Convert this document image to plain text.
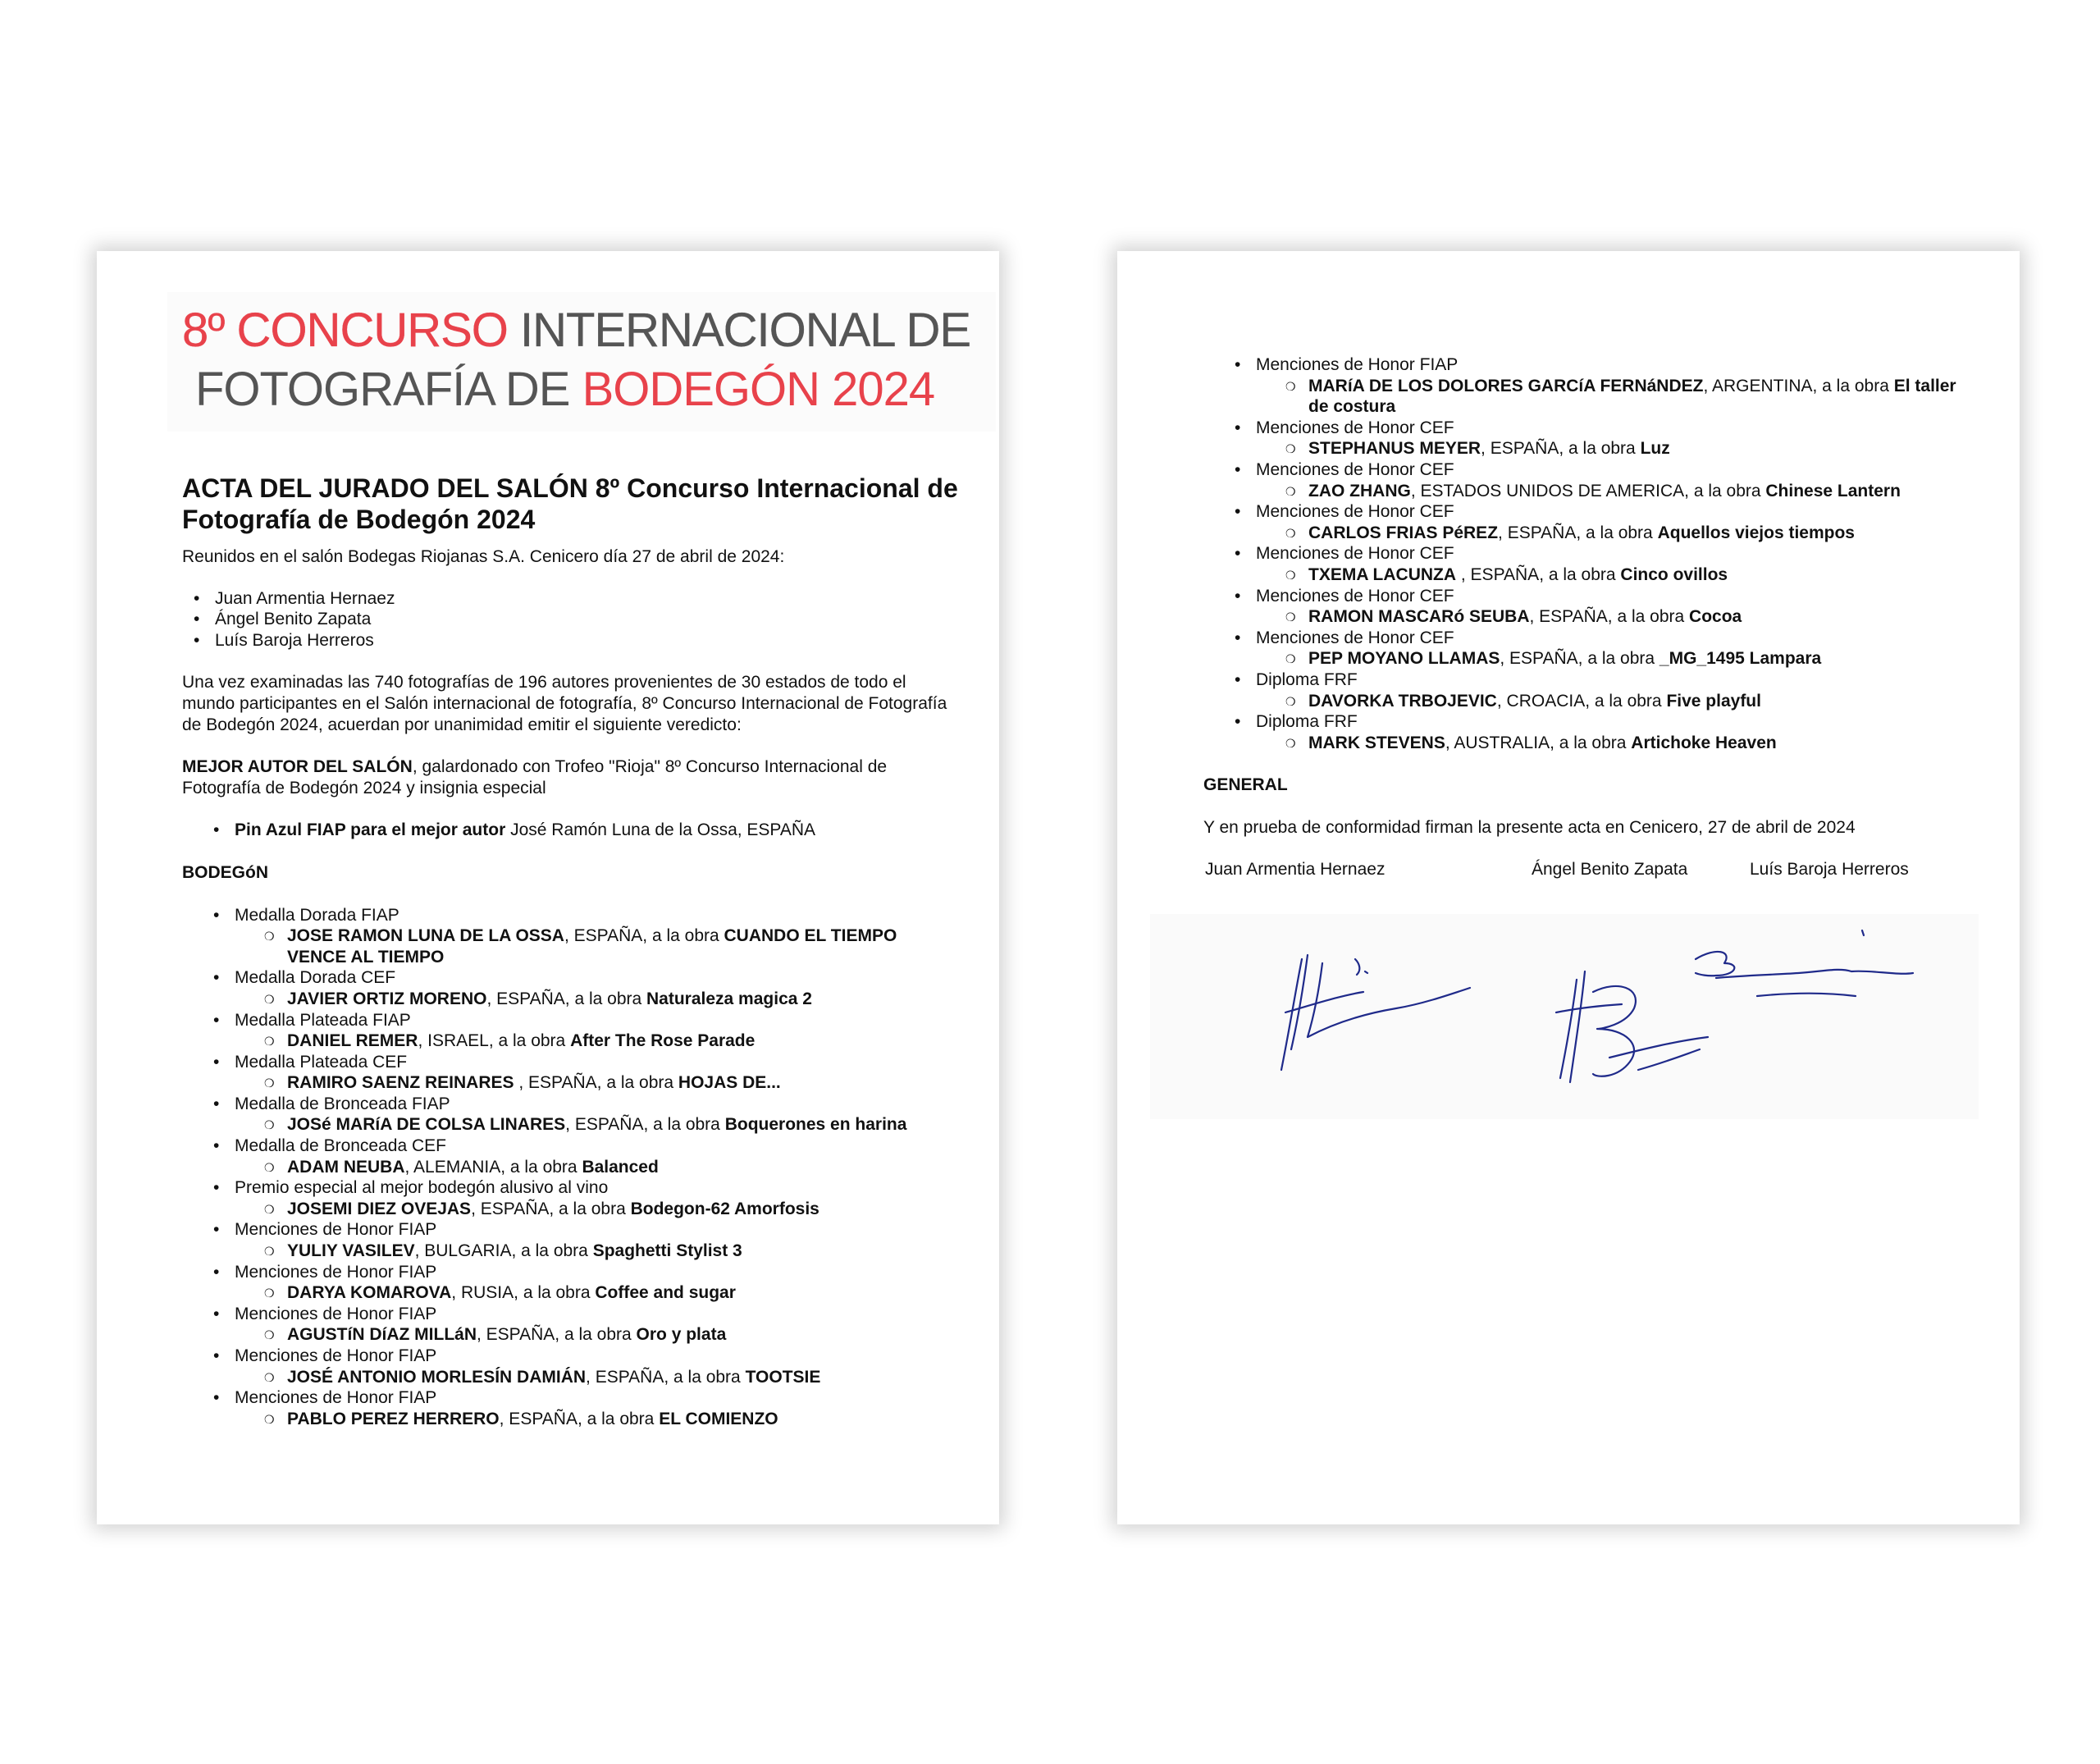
8º CONCURSO INTERNACIONAL DE
FOTOGRAFÍA DE BODEGÓN 2024
ACTA DEL JURADO DEL SALÓN 8º Concurso Internacional de Fotografía de Bodegón 2024

Reunidos en el salón Bodegas Riojanas S.A. Cenicero día 27 de abril de 2024:

• Juan Armentia Hernaez
• Ángel Benito Zapata
• Luís Baroja Herreros

Una vez examinadas las 740 fotografías de 196 autores provenientes de 30 estados de todo el mundo participantes en el Salón internacional de fotografía, 8º Concurso Internacional de Fotografía de Bodegón 2024, acuerdan por unanimidad emitir el siguiente veredicto:

MEJOR AUTOR DEL SALÓN, galardonado con Trofeo "Rioja" 8º Concurso Internacional de Fotografía de Bodegón 2024 y insignia especial

• Pin Azul FIAP para el mejor autor José Ramón Luna de la Ossa, ESPAÑA

BODEGóN

• Medalla Dorada FIAP
❍ JOSE RAMON LUNA DE LA OSSA, ESPAÑA, a la obra CUANDO EL TIEMPO VENCE AL TIEMPO
• Medalla Dorada CEF
❍ JAVIER ORTIZ MORENO, ESPAÑA, a la obra Naturaleza magica 2
• Medalla Plateada FIAP
❍ DANIEL REMER, ISRAEL, a la obra After The Rose Parade
• Medalla Plateada CEF
❍ RAMIRO SAENZ REINARES , ESPAÑA, a la obra HOJAS DE...
• Medalla de Bronceada FIAP
❍ JOSé MARíA DE COLSA LINARES, ESPAÑA, a la obra Boquerones en harina
• Medalla de Bronceada CEF
❍ ADAM NEUBA, ALEMANIA, a la obra Balanced
• Premio especial al mejor bodegón alusivo al vino
❍ JOSEMI DIEZ OVEJAS, ESPAÑA, a la obra Bodegon-62 Amorfosis
• Menciones de Honor FIAP
❍ YULIY VASILEV, BULGARIA, a la obra Spaghetti Stylist 3
• Menciones de Honor FIAP
❍ DARYA KOMAROVA, RUSIA, a la obra Coffee and sugar
• Menciones de Honor FIAP
❍ AGUSTíN DíAZ MILLáN, ESPAÑA, a la obra Oro y plata
• Menciones de Honor FIAP
❍ JOSÉ ANTONIO MORLESÍN DAMIÁN, ESPAÑA, a la obra TOOTSIE
• Menciones de Honor FIAP
❍ PABLO PEREZ HERRERO, ESPAÑA, a la obra EL COMIENZO
• Menciones de Honor FIAP
❍ MARíA DE LOS DOLORES GARCíA FERNáNDEZ, ARGENTINA, a la obra El taller de costura
• Menciones de Honor CEF
❍ STEPHANUS MEYER, ESPAÑA, a la obra Luz
• Menciones de Honor CEF
❍ ZAO ZHANG, ESTADOS UNIDOS DE AMERICA, a la obra Chinese Lantern
• Menciones de Honor CEF
❍ CARLOS FRIAS PéREZ, ESPAÑA, a la obra Aquellos viejos tiempos
• Menciones de Honor CEF
❍ TXEMA LACUNZA , ESPAÑA, a la obra Cinco ovillos
• Menciones de Honor CEF
❍ RAMON MASCARó SEUBA, ESPAÑA, a la obra Cocoa
• Menciones de Honor CEF
❍ PEP MOYANO LLAMAS, ESPAÑA, a la obra _MG_1495 Lampara
• Diploma FRF
❍ DAVORKA TRBOJEVIC, CROACIA, a la obra Five playful
• Diploma FRF
❍ MARK STEVENS, AUSTRALIA, a la obra Artichoke Heaven

GENERAL

Y en prueba de conformidad firman la presente acta en Cenicero, 27 de abril de 2024

Juan Armentia Hernaez	Ángel Benito Zapata	Luís Baroja Herreros
